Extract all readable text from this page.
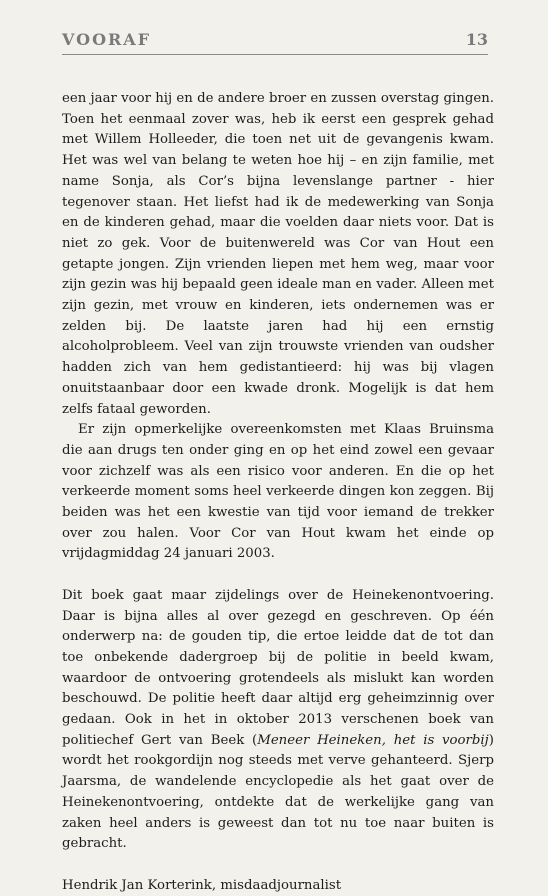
VOORAF	13

een jaar voor hij en de andere broer en zussen overstag gingen. Toen het eenmaal zover was, heb ik eerst een gesprek gehad met Willem Holleeder, die toen net uit de gevangenis kwam. Het was wel van belang te weten hoe hij – en zijn familie, met name Sonja, als Cor’s bijna levenslange partner - hier tegenover staan. Het liefst had ik de medewerking van Sonja en de kinderen gehad, maar die voelden daar niets voor. Dat is niet zo gek. Voor de buitenwereld was Cor van Hout een getapte jongen. Zijn vrienden liepen met hem weg, maar voor zijn gezin was hij bepaald geen ideale man en vader. Alleen met zijn gezin, met vrouw en kinderen, iets ondernemen was er zelden bij. De laatste jaren had hij een ernstig alcoholprobleem. Veel van zijn trouwste vrienden van oudsher hadden zich van hem gedistantieerd: hij was bij vlagen onuitstaanbaar door een kwade dronk. Mogelijk is dat hem zelfs fataal geworden.

Er zijn opmerkelijke overeenkomsten met Klaas Bruinsma die aan drugs ten onder ging en op het eind zowel een gevaar voor zichzelf was als een risico voor anderen. En die op het verkeerde moment soms heel verkeerde dingen kon zeggen. Bij beiden was het een kwestie van tijd voor iemand de trekker over zou halen. Voor Cor van Hout kwam het einde op vrijdagmiddag 24 januari 2003.

Dit boek gaat maar zijdelings over de Heinekenontvoering. Daar is bijna alles al over gezegd en geschreven. Op één onderwerp na: de gouden tip, die ertoe leidde dat de tot dan toe onbekende dadergroep bij de politie in beeld kwam, waardoor de ontvoering grotendeels als mislukt kan worden beschouwd. De politie heeft daar altijd erg geheimzinnig over gedaan. Ook in het in oktober 2013 verschenen boek van politiechef Gert van Beek (Meneer Heineken, het is voorbij) wordt het rookgordijn nog steeds met verve gehanteerd. Sjerp Jaarsma, de wandelende encyclopedie als het gaat over de Heinekenontvoering, ontdekte dat de werkelijke gang van zaken heel anders is geweest dan tot nu toe naar buiten is gebracht.

Hendrik Jan Korterink, misdaadjournalist
